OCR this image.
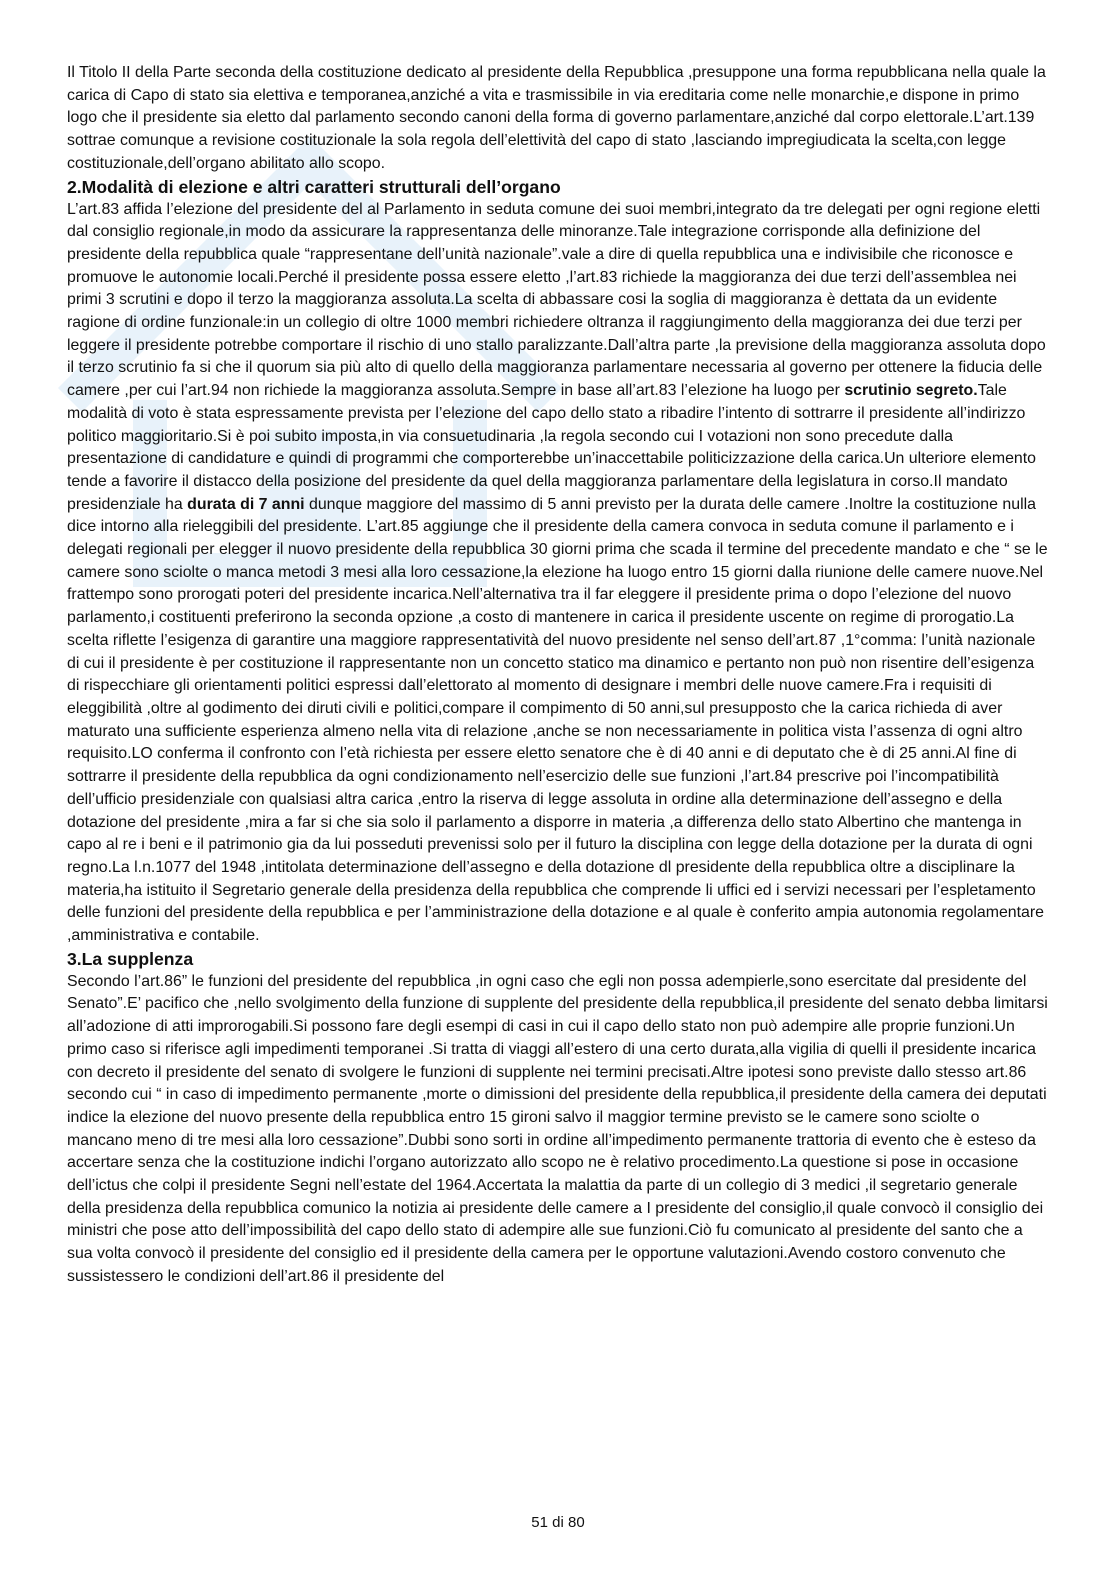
Il Titolo II della Parte seconda della costituzione dedicato al presidente della Repubblica ,presuppone una forma repubblicana nella quale la carica di Capo di stato sia elettiva e temporanea,anziché a vita e trasmissibile in via ereditaria come nelle monarchie,e dispone in primo logo che il presidente sia eletto dal parlamento secondo canoni della forma di governo parlamentare,anziché dal corpo elettorale.L’art.139 sottrae comunque a revisione costituzionale la sola regola dell’elettività del capo di stato ,lasciando impregiudicata la scelta,con legge costituzionale,dell’organo abilitato allo scopo.

2.Modalità di elezione e altri caratteri strutturali dell’organo

L’art.83 affida l’elezione del presidente del al Parlamento in seduta comune dei suoi membri,integrato da tre delegati per ogni regione eletti dal consiglio regionale,in modo da assicurare la rappresentanza delle minoranze.Tale integrazione corrisponde alla definizione del presidente della repubblica quale “rappresentane dell’unità nazionale”.vale a dire di quella repubblica una e indivisibile che riconosce e promuove le autonomie locali.Perché il presidente possa essere eletto ,l’art.83 richiede la maggioranza dei due terzi dell’assemblea nei primi 3 scrutini e dopo il terzo la maggioranza assoluta.La scelta di abbassare cosi la soglia di maggioranza è dettata da un evidente ragione di ordine funzionale:in un collegio di oltre 1000 membri richiedere oltranza il raggiungimento della maggioranza dei due terzi per leggere il presidente potrebbe comportare il rischio di uno stallo paralizzante.Dall’altra parte ,la previsione della maggioranza assoluta dopo il terzo scrutinio fa si che il quorum sia più alto di quello della maggioranza parlamentare necessaria al governo per ottenere la fiducia delle camere ,per cui l’art.94 non richiede la maggioranza assoluta.Sempre in base all’art.83 l’elezione ha luogo per scrutinio segreto.Tale modalità di voto è stata espressamente prevista per l’elezione del capo dello stato a ribadire l’intento di sottrarre il presidente all’indirizzo politico maggioritario.Si è poi subito imposta,in via consuetudinaria ,la regola secondo cui I votazioni non sono precedute dalla presentazione di candidature e quindi di programmi che comporterebbe un’inaccettabile politicizzazione della carica.Un ulteriore elemento tende a favorire il distacco della posizione del presidente da quel della maggioranza parlamentare della legislatura in corso.Il mandato presidenziale ha durata di 7 anni dunque maggiore del massimo di 5 anni previsto per la durata delle camere .Inoltre la costituzione nulla dice intorno alla rieleggibili del presidente. L’art.85 aggiunge che il presidente della camera convoca in seduta comune il parlamento e i delegati regionali per elegger il nuovo presidente della repubblica 30 giorni prima che scada il termine del precedente mandato e che “ se le camere sono sciolte o manca metodi 3 mesi alla loro cessazione,la elezione ha luogo entro 15 giorni dalla riunione delle camere nuove.Nel frattempo sono prorogati poteri del presidente incarica.Nell’alternativa tra il far eleggere il presidente prima o dopo l’elezione del nuovo parlamento,i costituenti preferirono la seconda opzione ,a costo di mantenere in carica il presidente uscente on regime di prorogatio.La scelta riflette l’esigenza di garantire una maggiore rappresentatività del nuovo presidente nel senso dell’art.87 ,1°comma: l’unità nazionale di cui il presidente è per costituzione il rappresentante non un concetto statico ma dinamico e pertanto non può non risentire dell’esigenza di rispecchiare gli orientamenti politici espressi dall’elettorato al momento di designare i membri delle nuove camere.Fra i requisiti di eleggibilità ,oltre al godimento dei diruti civili e politici,compare il compimento di 50 anni,sul presupposto che la carica richieda di aver maturato una sufficiente esperienza almeno nella vita di relazione ,anche se non necessariamente in politica vista l’assenza di ogni altro requisito.LO conferma il confronto con l’età richiesta per essere eletto senatore che è di 40 anni e di deputato che è di 25 anni.Al fine di sottrarre il presidente della repubblica da ogni condizionamento nell’esercizio delle sue funzioni ,l’art.84 prescrive poi l’incompatibilità dell’ufficio presidenziale con qualsiasi altra carica ,entro la riserva di legge assoluta in ordine alla determinazione dell’assegno e della dotazione del presidente ,mira a far si che sia solo il parlamento a disporre in materia ,a differenza dello stato Albertino che mantenga in capo al re i beni e il patrimonio gia da lui posseduti prevenissi solo per il futuro la disciplina con legge della dotazione per la durata di ogni regno.La l.n.1077 del 1948 ,intitolata determinazione dell’assegno e della dotazione dl presidente della repubblica oltre a disciplinare la materia,ha istituito il Segretario generale della presidenza della repubblica che comprende li uffici ed i servizi necessari per l’espletamento delle funzioni del presidente della repubblica e per l’amministrazione della dotazione e al quale è conferito ampia autonomia regolamentare ,amministrativa e contabile.

3.La supplenza

Secondo l’art.86” le funzioni del presidente del repubblica ,in ogni caso che egli non possa adempierle,sono esercitate dal presidente del Senato”.E’ pacifico che ,nello svolgimento della funzione di supplente del presidente della repubblica,il presidente del senato debba limitarsi all’adozione di atti improrogabili.Si possono fare degli esempi di casi in cui il capo dello stato non può adempire alle proprie funzioni.Un primo caso si riferisce agli impedimenti temporanei .Si tratta di viaggi all’estero di una certo durata,alla vigilia di quelli il presidente incarica con decreto il presidente del senato di svolgere le funzioni di supplente nei termini precisati.Altre ipotesi sono previste dallo stesso art.86 secondo cui “ in caso di impedimento permanente ,morte o dimissioni del presidente della repubblica,il presidente della camera dei deputati indice la elezione del nuovo presente della repubblica entro 15 gironi salvo il maggior termine previsto se le camere sono sciolte o mancano meno di tre mesi alla loro cessazione”.Dubbi sono sorti in ordine all’impedimento permanente trattoria di evento che è esteso da accertare senza che la costituzione indichi l’organo autorizzato allo scopo ne è relativo procedimento.La questione si pose in occasione dell’ictus che colpi il presidente Segni nell’estate del 1964.Accertata la malattia da parte di un collegio di 3 medici ,il segretario generale della presidenza della repubblica comunico la notizia ai presidente delle camere a I presidente del consiglio,il quale convocò il consiglio dei ministri che pose atto dell’impossibilità del capo dello stato di adempire alle sue funzioni.Ciò fu comunicato al presidente del santo che a sua volta convocò il presidente del consiglio ed il presidente della camera per le opportune valutazioni.Avendo costoro convenuto che sussistessero le condizioni dell’art.86 il presidente del

51 di 80
